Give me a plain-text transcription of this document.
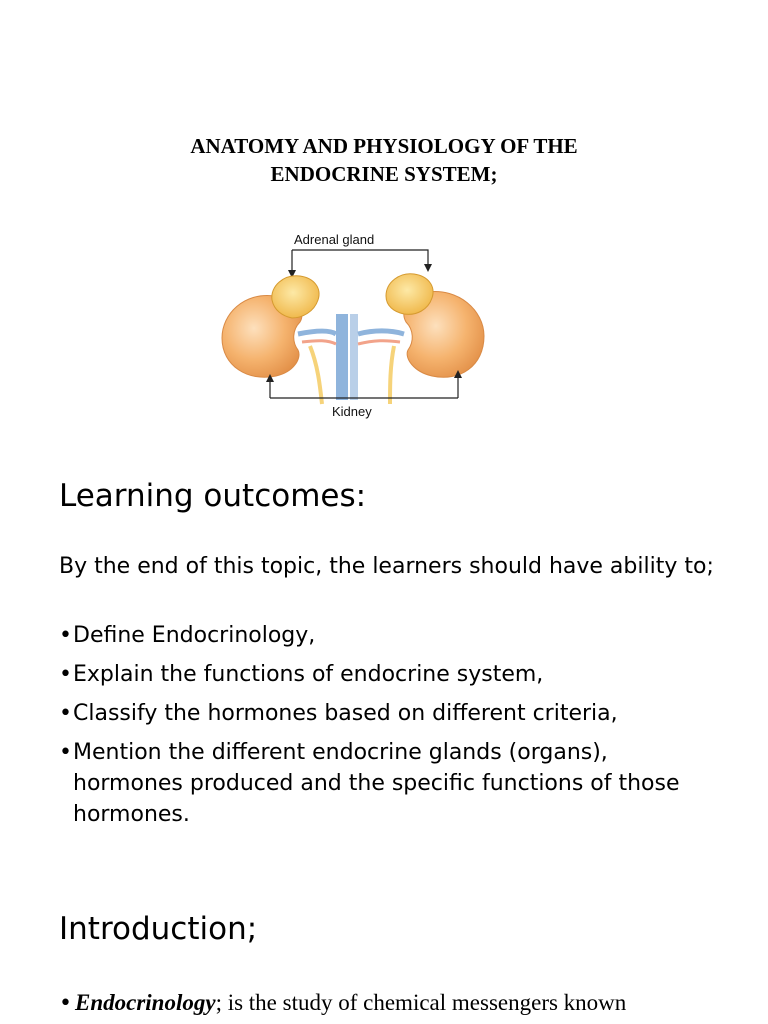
ANATOMY AND PHYSIOLOGY OF THE
ENDOCRINE SYSTEM;
Adrenal gland
Kidney
Learning outcomes:

By the end of this topic, the learners should have ability to;

• Define Endocrinology,
• Explain the functions of endocrine system,
• Classify the hormones based on different criteria,
• Mention the different endocrine glands (organs), hormones produced and the specific functions of those hormones.
Introduction;
• Endocrinology; is the study of chemical messengers known
